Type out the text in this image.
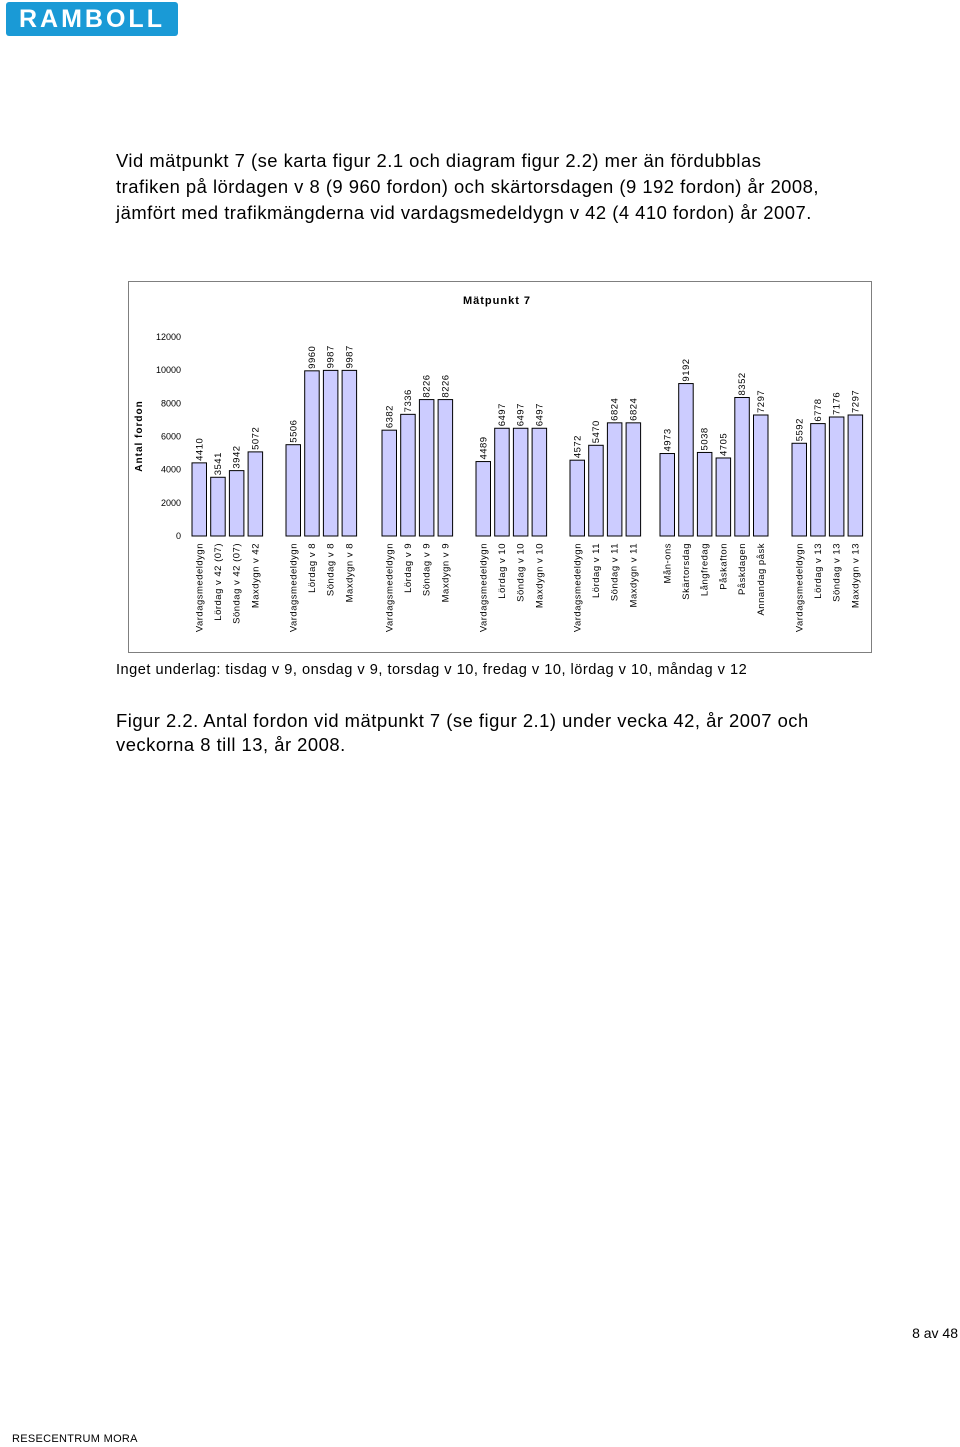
RAMBOLL

Vid mätpunkt 7 (se karta figur 2.1 och diagram figur 2.2) mer än fördubblas
trafiken på lördagen v 8 (9 960 fordon) och skärtorsdagen (9 192 fordon) år 2008,
jämfört med trafikmängderna vid vardagsmedeldygn v 42 (4 410 fordon) år 2007.

Mätpunkt 7
Antal fordon
0
2000
4000
6000
8000
10000
12000
4410
Vardagsmedeldygn
3541
Lördag v 42 (07)
3942
Söndag v 42 (07)
5072
Maxdygn v 42
5506
Vardagsmedeldygn
9960
Lördag v 8
9987
Söndag v 8
9987
Maxdygn v 8
6382
Vardagsmedeldygn
7336
Lördag v 9
8226
Söndag v 9
8226
Maxdygn v 9
4489
Vardagsmedeldygn
6497
Lördag v 10
6497
Söndag v 10
6497
Maxdygn v 10
4572
Vardagsmedeldygn
5470
Lördag v 11
6824
Söndag v 11
6824
Maxdygn v 11
4973
Mån-ons
9192
Skärtorsdag
5038
Långfredag
4705
Påskafton
8352
Påskdagen
7297
Annandag påsk
5592
Vardagsmedeldygn
6778
Lördag v 13
7176
Söndag v 13
7297
Maxdygn v 13

Inget underlag: tisdag v 9, onsdag v 9, torsdag v 10, fredag v 10, lördag v 10, måndag v 12

Figur 2.2. Antal fordon vid mätpunkt 7 (se figur 2.1) under vecka 42, år 2007 och
veckorna 8 till 13, år 2008.

8 av 48
RESECENTRUM MORA
